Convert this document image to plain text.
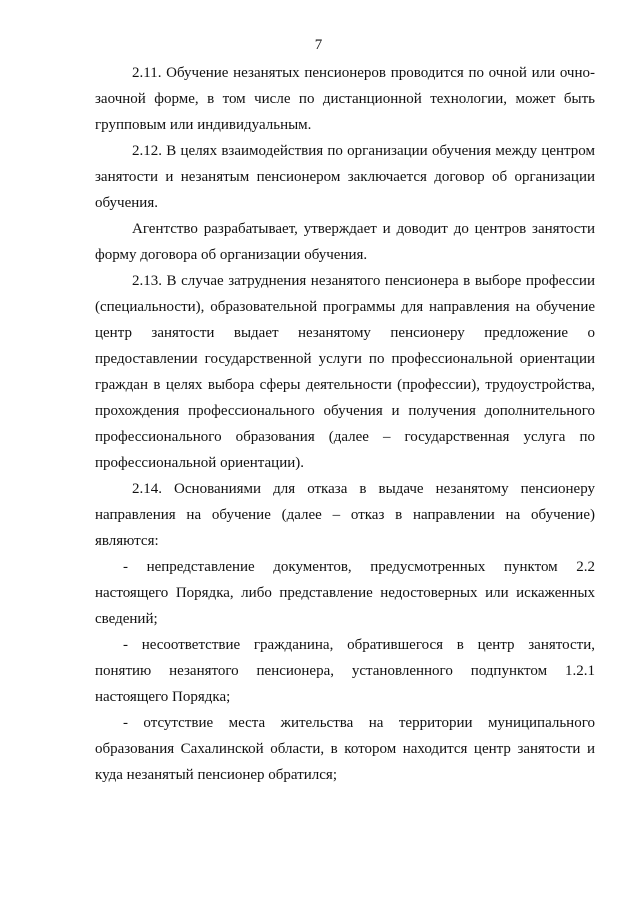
7

2.11. Обучение незанятых пенсионеров проводится по очной или очно-заочной форме, в том числе по дистанционной технологии, может быть групповым или индивидуальным.

2.12. В целях взаимодействия по организации обучения между центром занятости и незанятым пенсионером заключается договор об организации обучения.

Агентство разрабатывает, утверждает и доводит до центров занятости форму договора об организации обучения.

2.13. В случае затруднения незанятого пенсионера в выборе профессии (специальности), образовательной программы для направления на обучение центр занятости выдает незанятому пенсионеру предложение о предоставлении государственной услуги по профессиональной ориентации граждан в целях выбора сферы деятельности (профессии), трудоустройства, прохождения профессионального обучения и получения дополнительного профессионального образования (далее – государственная услуга по профессиональной ориентации).

2.14. Основаниями для отказа в выдаче незанятому пенсионеру направления на обучение (далее – отказ в направлении на обучение) являются:

- непредставление документов, предусмотренных пунктом 2.2 настоящего Порядка, либо представление недостоверных или искаженных сведений;

- несоответствие гражданина, обратившегося в центр занятости, понятию незанятого пенсионера, установленного подпунктом 1.2.1 настоящего Порядка;

- отсутствие места жительства на территории муниципального образования Сахалинской области, в котором находится центр занятости и куда незанятый пенсионер обратился;
